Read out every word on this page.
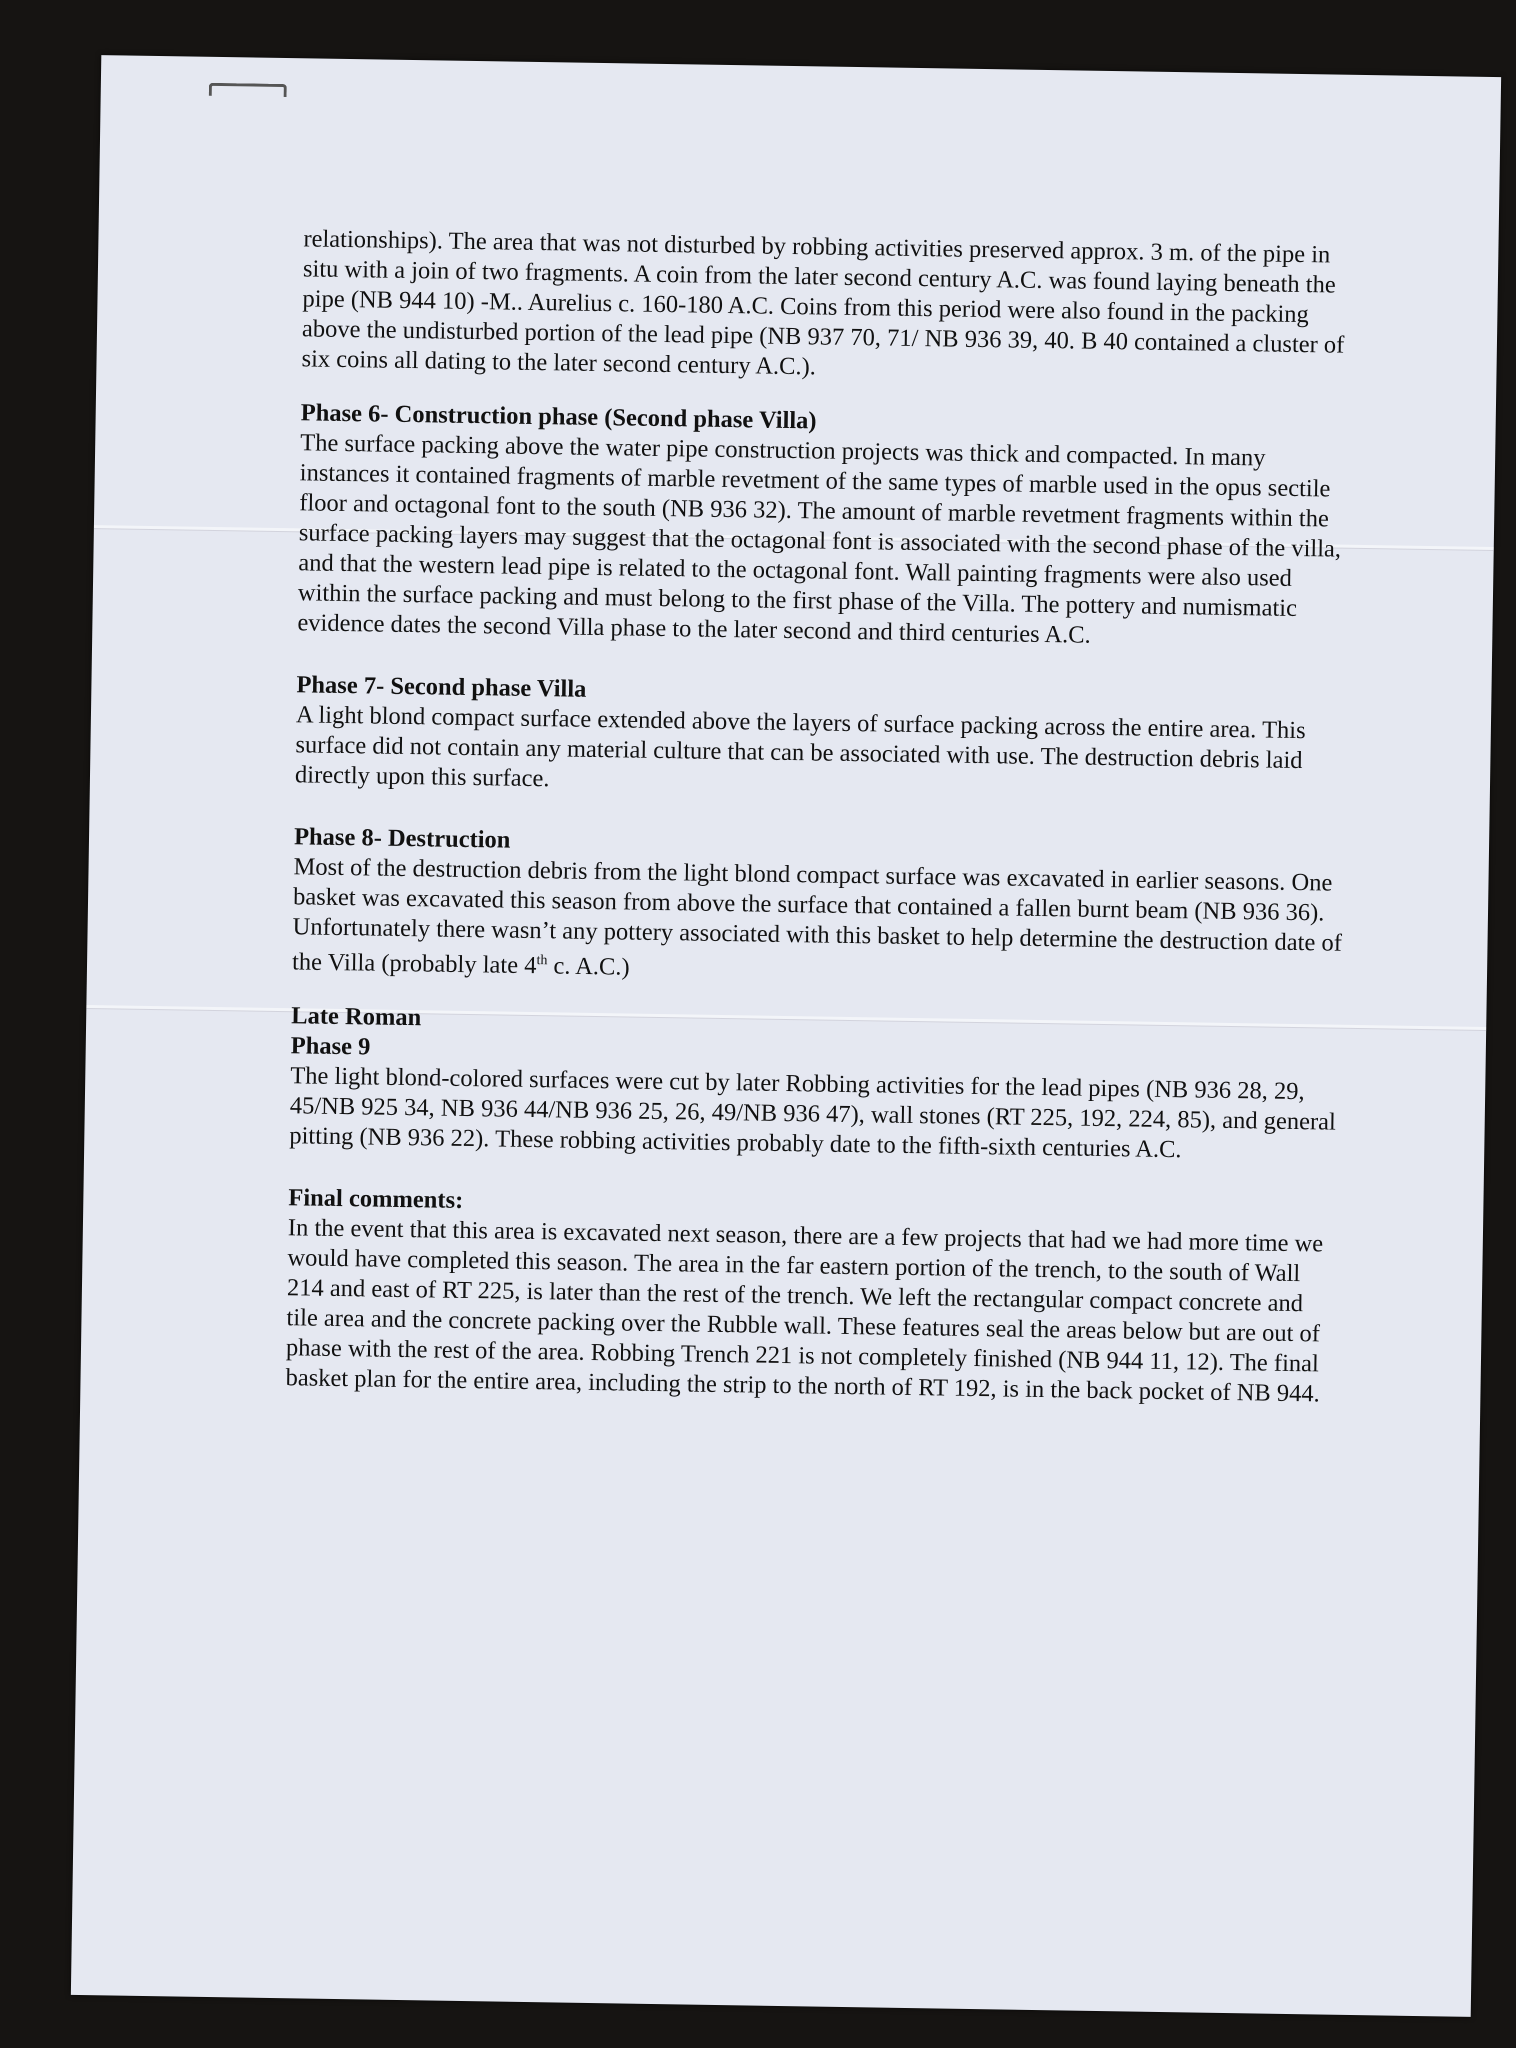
relationships). The area that was not disturbed by robbing activities preserved approx. 3 m. of the pipe in situ with a join of two fragments. A coin from the later second century A.C. was found laying beneath the pipe (NB 944 10) -M.. Aurelius c. 160-180 A.C. Coins from this period were also found in the packing above the undisturbed portion of the lead pipe (NB 937 70, 71/ NB 936 39, 40. B 40 contained a cluster of six coins all dating to the later second century A.C.).

Phase 6- Construction phase (Second phase Villa)

The surface packing above the water pipe construction projects was thick and compacted. In many instances it contained fragments of marble revetment of the same types of marble used in the opus sectile floor and octagonal font to the south (NB 936 32). The amount of marble revetment fragments within the surface packing layers may suggest that the octagonal font is associated with the second phase of the villa, and that the western lead pipe is related to the octagonal font. Wall painting fragments were also used within the surface packing and must belong to the first phase of the Villa. The pottery and numismatic evidence dates the second Villa phase to the later second and third centuries A.C.

Phase 7- Second phase Villa

A light blond compact surface extended above the layers of surface packing across the entire area. This surface did not contain any material culture that can be associated with use. The destruction debris laid directly upon this surface.

Phase 8- Destruction

Most of the destruction debris from the light blond compact surface was excavated in earlier seasons. One basket was excavated this season from above the surface that contained a fallen burnt beam (NB 936 36). Unfortunately there wasn’t any pottery associated with this basket to help determine the destruction date of the Villa (probably late 4th c. A.C.)

Late Roman

Phase 9

The light blond-colored surfaces were cut by later Robbing activities for the lead pipes (NB 936 28, 29, 45/NB 925 34, NB 936 44/NB 936 25, 26, 49/NB 936 47), wall stones (RT 225, 192, 224, 85), and general pitting (NB 936 22). These robbing activities probably date to the fifth-sixth centuries A.C.

Final comments:

In the event that this area is excavated next season, there are a few projects that had we had more time we would have completed this season. The area in the far eastern portion of the trench, to the south of Wall 214 and east of RT 225, is later than the rest of the trench. We left the rectangular compact concrete and tile area and the concrete packing over the Rubble wall. These features seal the areas below but are out of phase with the rest of the area. Robbing Trench 221 is not completely finished (NB 944 11, 12). The final basket plan for the entire area, including the strip to the north of RT 192, is in the back pocket of NB 944.
